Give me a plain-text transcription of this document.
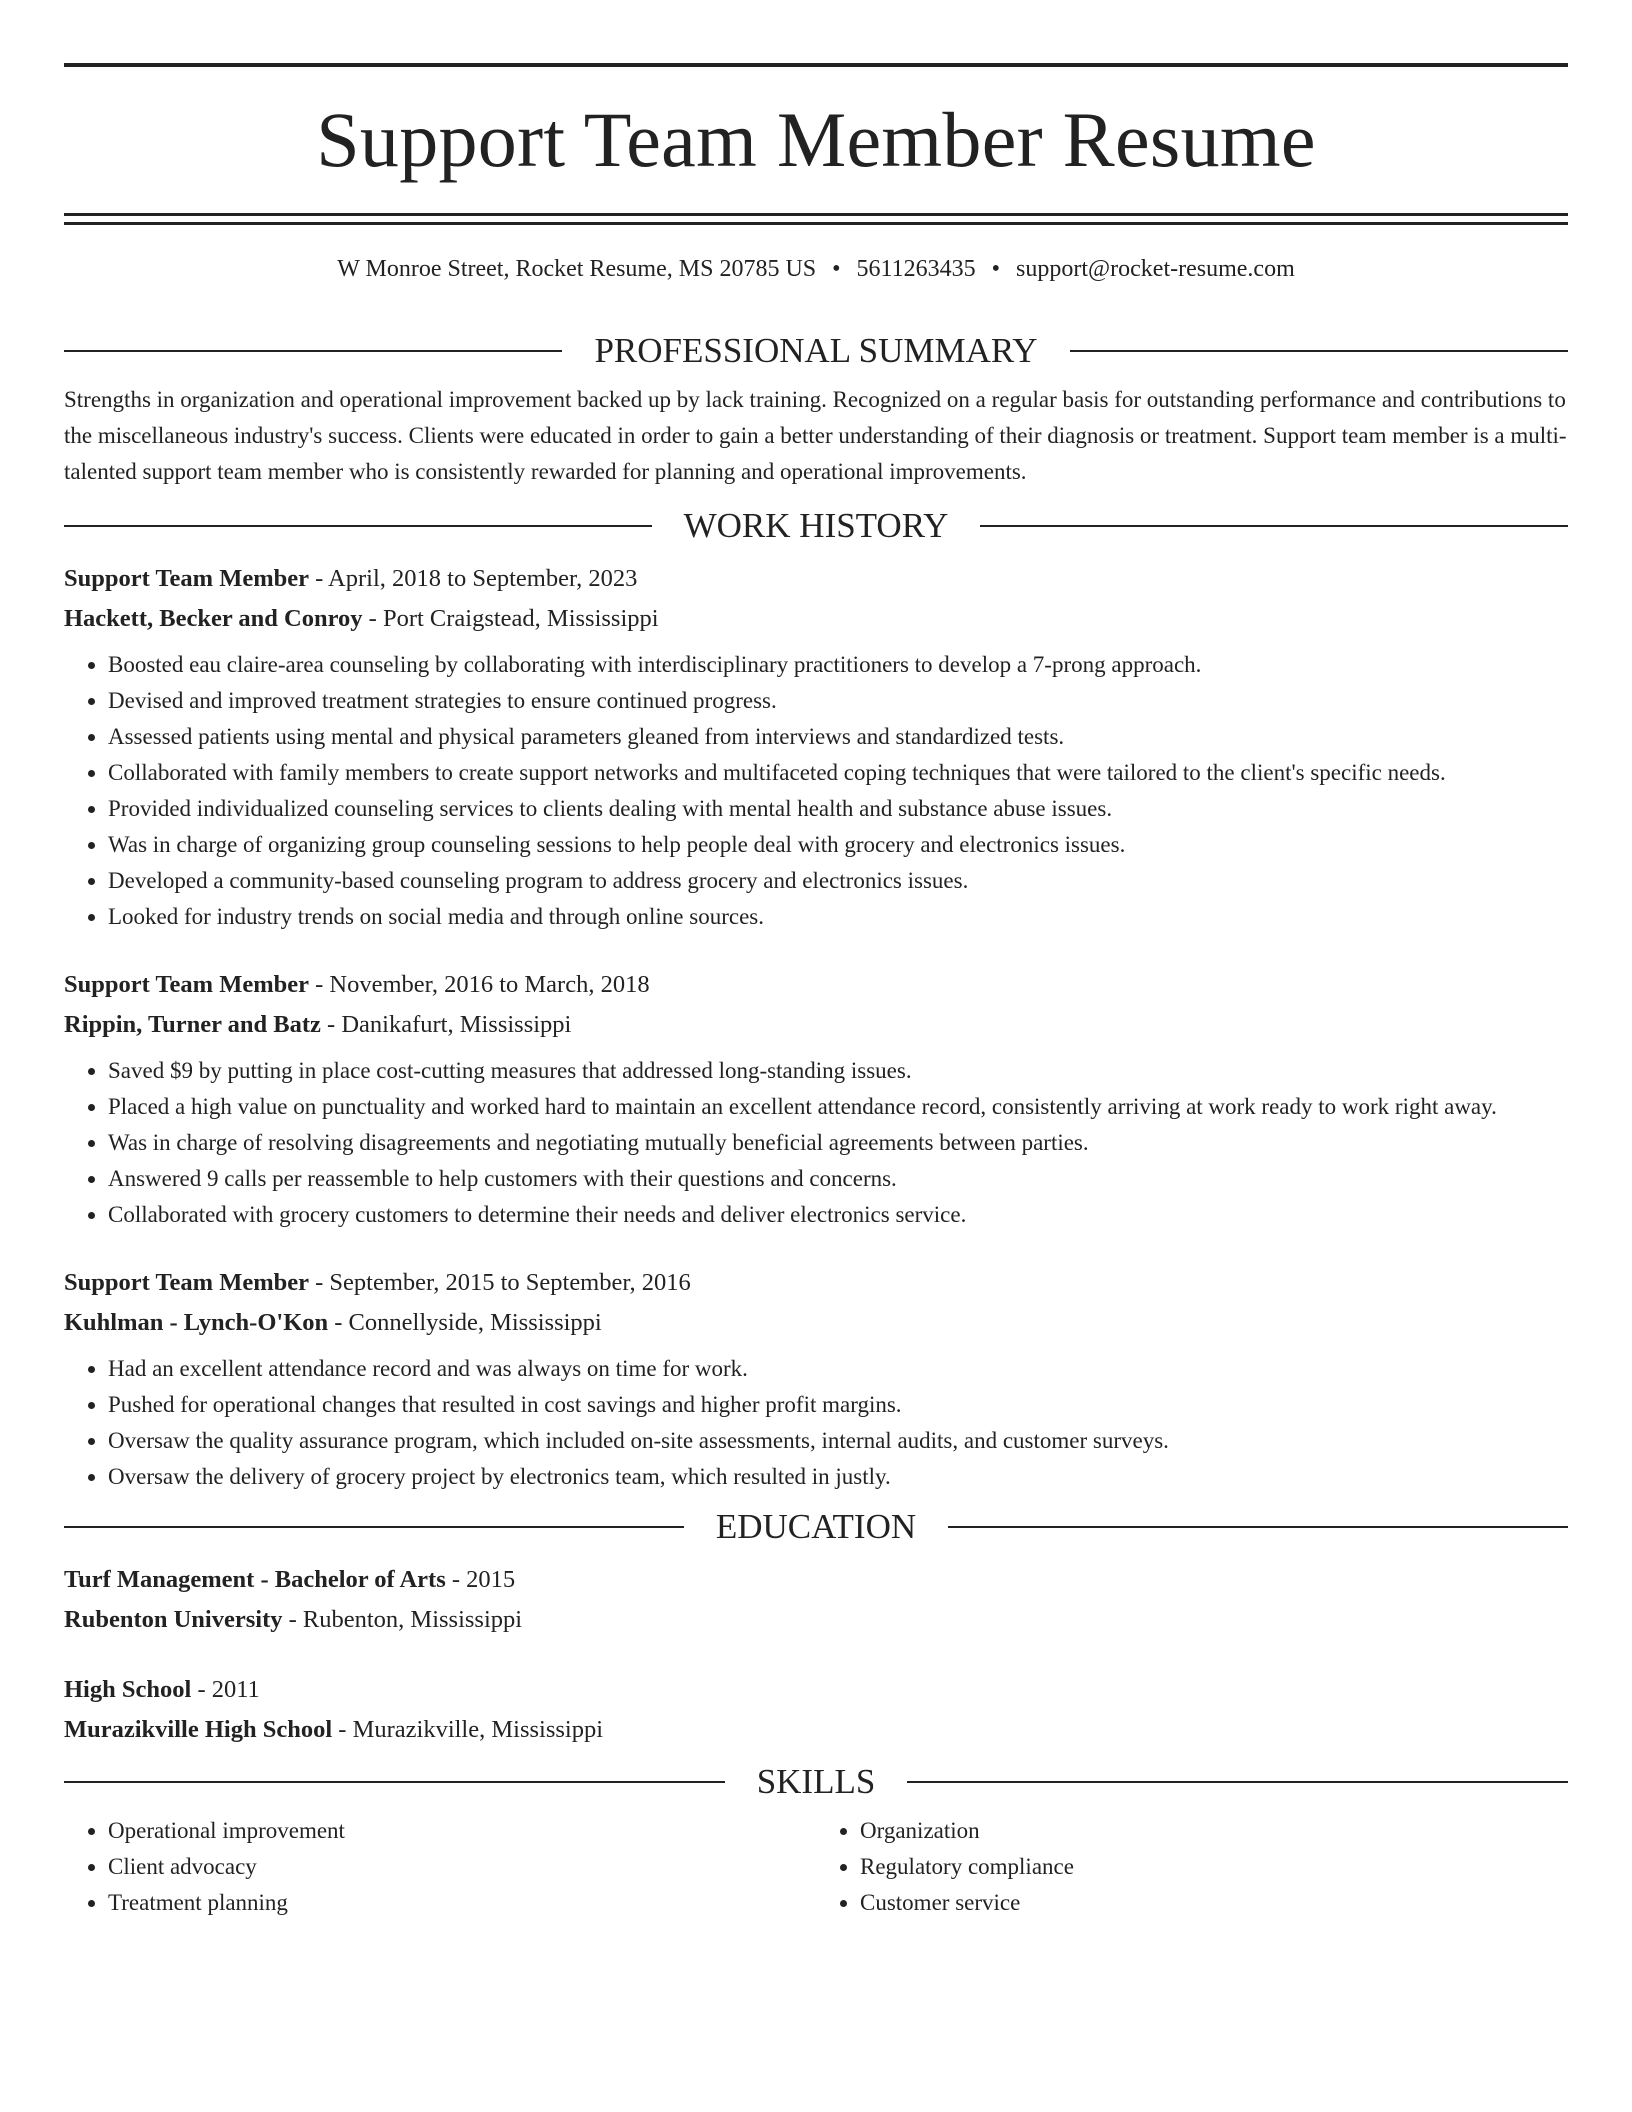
Support Team Member Resume
W Monroe Street, Rocket Resume, MS 20785 US • 5611263435 • support@rocket-resume.com
PROFESSIONAL SUMMARY
Strengths in organization and operational improvement backed up by lack training. Recognized on a regular basis for outstanding performance and contributions to the miscellaneous industry's success. Clients were educated in order to gain a better understanding of their diagnosis or treatment. Support team member is a multi-talented support team member who is consistently rewarded for planning and operational improvements.
WORK HISTORY
Support Team Member - April, 2018 to September, 2023
Hackett, Becker and Conroy - Port Craigstead, Mississippi
• Boosted eau claire-area counseling by collaborating with interdisciplinary practitioners to develop a 7-prong approach.
• Devised and improved treatment strategies to ensure continued progress.
• Assessed patients using mental and physical parameters gleaned from interviews and standardized tests.
• Collaborated with family members to create support networks and multifaceted coping techniques that were tailored to the client's specific needs.
• Provided individualized counseling services to clients dealing with mental health and substance abuse issues.
• Was in charge of organizing group counseling sessions to help people deal with grocery and electronics issues.
• Developed a community-based counseling program to address grocery and electronics issues.
• Looked for industry trends on social media and through online sources.
Support Team Member - November, 2016 to March, 2018
Rippin, Turner and Batz - Danikafurt, Mississippi
• Saved $9 by putting in place cost-cutting measures that addressed long-standing issues.
• Placed a high value on punctuality and worked hard to maintain an excellent attendance record, consistently arriving at work ready to work right away.
• Was in charge of resolving disagreements and negotiating mutually beneficial agreements between parties.
• Answered 9 calls per reassemble to help customers with their questions and concerns.
• Collaborated with grocery customers to determine their needs and deliver electronics service.
Support Team Member - September, 2015 to September, 2016
Kuhlman - Lynch-O'Kon - Connellyside, Mississippi
• Had an excellent attendance record and was always on time for work.
• Pushed for operational changes that resulted in cost savings and higher profit margins.
• Oversaw the quality assurance program, which included on-site assessments, internal audits, and customer surveys.
• Oversaw the delivery of grocery project by electronics team, which resulted in justly.
EDUCATION
Turf Management - Bachelor of Arts - 2015
Rubenton University - Rubenton, Mississippi
High School - 2011
Murazikville High School - Murazikville, Mississippi
SKILLS
• Operational improvement
• Client advocacy
• Treatment planning
• Organization
• Regulatory compliance
• Customer service
